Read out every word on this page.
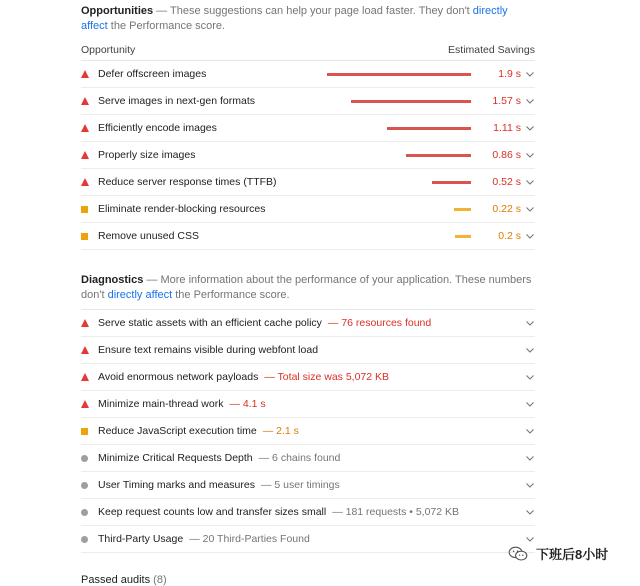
Opportunities — These suggestions can help your page load faster. They don't directly affect the Performance score.
Opportunity	Estimated Savings
Defer offscreen images	1.9 s
Serve images in next-gen formats	1.57 s
Efficiently encode images	1.11 s
Properly size images	0.86 s
Reduce server response times (TTFB)	0.52 s
Eliminate render-blocking resources	0.22 s
Remove unused CSS	0.2 s
Diagnostics — More information about the performance of your application. These numbers don't directly affect the Performance score.
Serve static assets with an efficient cache policy — 76 resources found
Ensure text remains visible during webfont load
Avoid enormous network payloads — Total size was 5,072 KB
Minimize main-thread work — 4.1 s
Reduce JavaScript execution time — 2.1 s
Minimize Critical Requests Depth — 6 chains found
User Timing marks and measures — 5 user timings
Keep request counts low and transfer sizes small — 181 requests • 5,072 KB
Third-Party Usage — 20 Third-Parties Found
Passed audits (8)
下班后8小时
